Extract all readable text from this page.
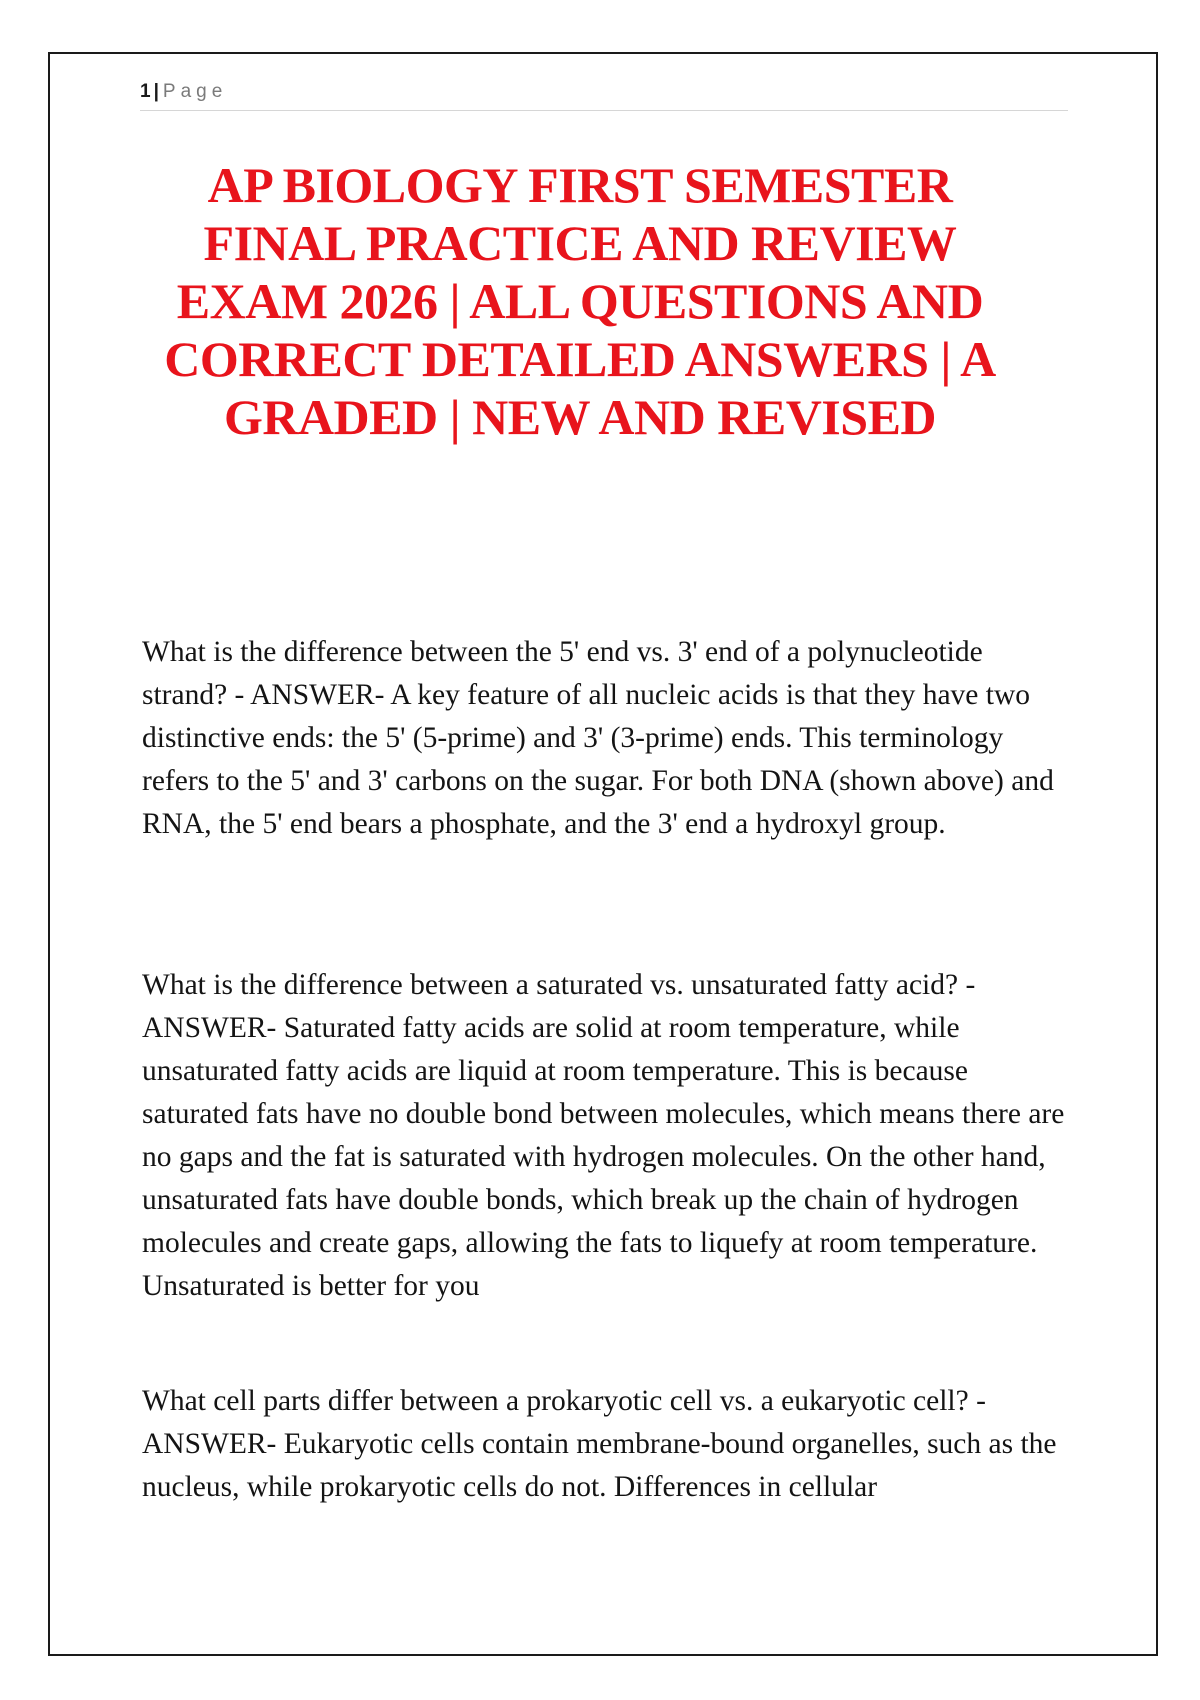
1 | Page
AP BIOLOGY FIRST SEMESTER FINAL PRACTICE AND REVIEW EXAM 2026 | ALL QUESTIONS AND CORRECT DETAILED ANSWERS | A GRADED | NEW AND REVISED

What is the difference between the 5' end vs. 3' end of a polynucleotide strand? - ANSWER- A key feature of all nucleic acids is that they have two distinctive ends: the 5' (5-prime) and 3' (3-prime) ends. This terminology refers to the 5' and 3' carbons on the sugar. For both DNA (shown above) and RNA, the 5' end bears a phosphate, and the 3' end a hydroxyl group.

What is the difference between a saturated vs. unsaturated fatty acid? - ANSWER- Saturated fatty acids are solid at room temperature, while unsaturated fatty acids are liquid at room temperature. This is because saturated fats have no double bond between molecules, which means there are no gaps and the fat is saturated with hydrogen molecules. On the other hand, unsaturated fats have double bonds, which break up the chain of hydrogen molecules and create gaps, allowing the fats to liquefy at room temperature. Unsaturated is better for you

What cell parts differ between a prokaryotic cell vs. a eukaryotic cell? - ANSWER- Eukaryotic cells contain membrane-bound organelles, such as the nucleus, while prokaryotic cells do not. Differences in cellular
